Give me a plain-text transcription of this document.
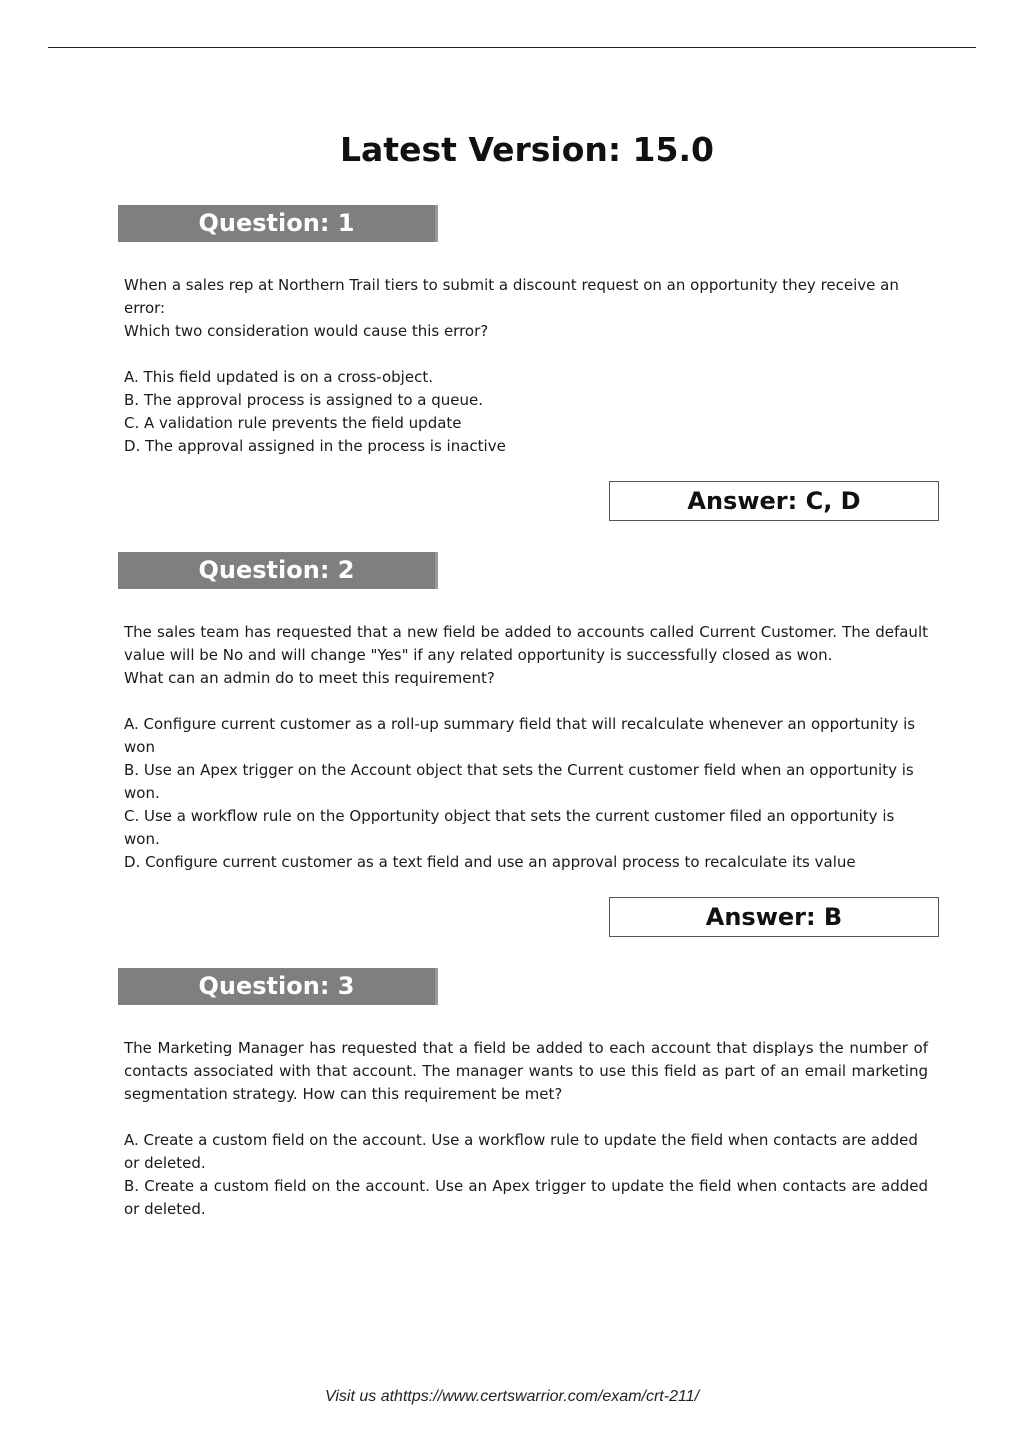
Latest Version: 15.0
Question: 1

When a sales rep at Northern Trail tiers to submit a discount request on an opportunity they receive an error:

Which two consideration would cause this error?

A. This field updated is on a cross-object.

B. The approval process is assigned to a queue.

C. A validation rule prevents the field update

D. The approval assigned in the process is inactive

Answer: C, D
Question: 2

The sales team has requested that a new field be added to accounts called Current Customer. The default value will be No and will change "Yes" if any related opportunity is successfully closed as won.

What can an admin do to meet this requirement?

A. Configure current customer as a roll-up summary field that will recalculate whenever an opportunity is won

B. Use an Apex trigger on the Account object that sets the Current customer field when an opportunity is won.

C. Use a workflow rule on the Opportunity object that sets the current customer filed an opportunity is won.

D. Configure current customer as a text field and use an approval process to recalculate its value

Answer: B
Question: 3

The Marketing Manager has requested that a field be added to each account that displays the number of contacts associated with that account. The manager wants to use this field as part of an email marketing segmentation strategy. How can this requirement be met?

A. Create a custom field on the account. Use a workflow rule to update the field when contacts are added or deleted.

B. Create a custom field on the account. Use an Apex trigger to update the field when contacts are added or deleted.

Visit us athttps://www.certswarrior.com/exam/crt-211/
